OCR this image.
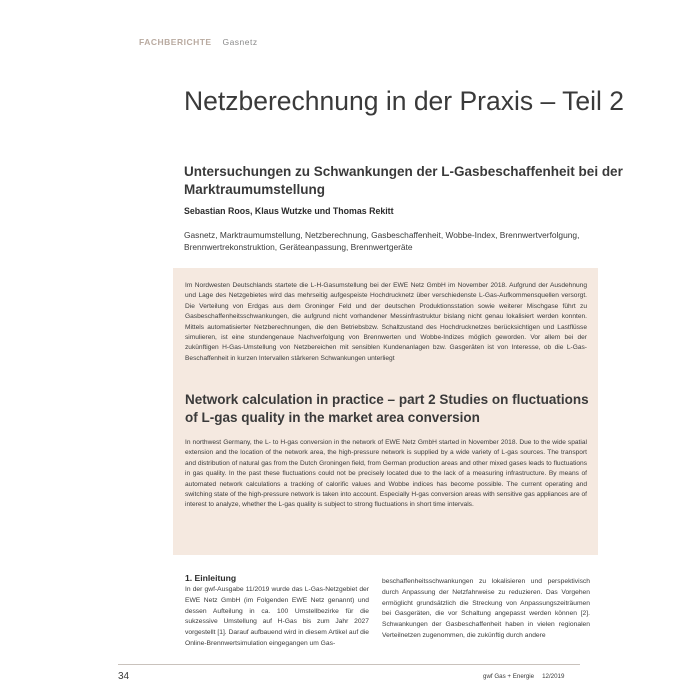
FACHBERICHTE Gasnetz
Netzberechnung in der Praxis – Teil 2
Untersuchungen zu Schwankungen der L-Gasbeschaffenheit bei der Marktraumumstellung
Sebastian Roos, Klaus Wutzke und Thomas Rekitt
Gasnetz, Marktraumumstellung, Netzberechnung, Gasbeschaffenheit, Wobbe-Index, Brennwertverfolgung, Brennwertrekonstruktion, Geräteanpassung, Brennwertgeräte

Im Nordwesten Deutschlands startete die L-H-Gasumstellung bei der EWE Netz GmbH im November 2018. Aufgrund der Ausdehnung und Lage des Netzgebietes wird das mehrseitig aufgespeiste Hochdrucknetz über verschiedenste L-Gas-Aufkommensquellen versorgt. Die Verteilung von Erdgas aus dem Groninger Feld und der deutschen Produktionsstation sowie weiterer Mischgase führt zu Gasbeschaffenheitsschwankungen, die aufgrund nicht vorhandener Messinfrastruktur bislang nicht genau lokalisiert werden konnten. Mittels automatisierter Netzberechnungen, die den Betriebsbzw. Schaltzustand des Hochdrucknetzes berücksichtigen und Lastflüsse simulieren, ist eine stundengenaue Nachverfolgung von Brennwerten und Wobbe-Indizes möglich geworden. Vor allem bei der zukünftigen H-Gas-Umstellung von Netzbereichen mit sensiblen Kundenanlagen bzw. Gasgeräten ist von Interesse, ob die L-Gas-Beschaffenheit in kurzen Intervallen stärkeren Schwankungen unterliegt

Network calculation in practice – part 2 Studies on fluctuations of L-gas quality in the market area conversion

In northwest Germany, the L- to H-gas conversion in the network of EWE Netz GmbH started in November 2018. Due to the wide spatial extension and the location of the network area, the high-pressure network is supplied by a wide variety of L-gas sources. The transport and distribution of natural gas from the Dutch Groningen field, from German production areas and other mixed gases leads to fluctuations in gas quality. In the past these fluctuations could not be precisely located due to the lack of a measuring infrastructure. By means of automated network calculations a tracking of calorific values and Wobbe indices has become possible. The current operating and switching state of the high-pressure network is taken into account. Especially H-gas conversion areas with sensitive gas appliances are of interest to analyze, whether the L-gas quality is subject to strong fluctuations in short time intervals.

1. Einleitung

In der gwf-Ausgabe 11/2019 wurde das L-Gas-Netzgebiet der EWE Netz GmbH (im Folgenden EWE Netz genannt) und dessen Aufteilung in ca. 100 Umstellbezirke für die sukzessive Umstellung auf H-Gas bis zum Jahr 2027 vorgestellt [1]. Darauf aufbauend wird in diesem Artikel auf die Online-Brennwertsimulation eingegangen um Gas-

beschaffenheitsschwankungen zu lokalisieren und perspektivisch durch Anpassung der Netzfahrweise zu reduzieren. Das Vorgehen ermöglicht grundsätzlich die Streckung von Anpassungszeiträumen bei Gasgeräten, die vor Schaltung angepasst werden können [2]. Schwankungen der Gasbeschaffenheit haben in vielen regionalen Verteilnetzen zugenommen, die zukünftig durch andere

34	gwf Gas + Energie 12/2019
